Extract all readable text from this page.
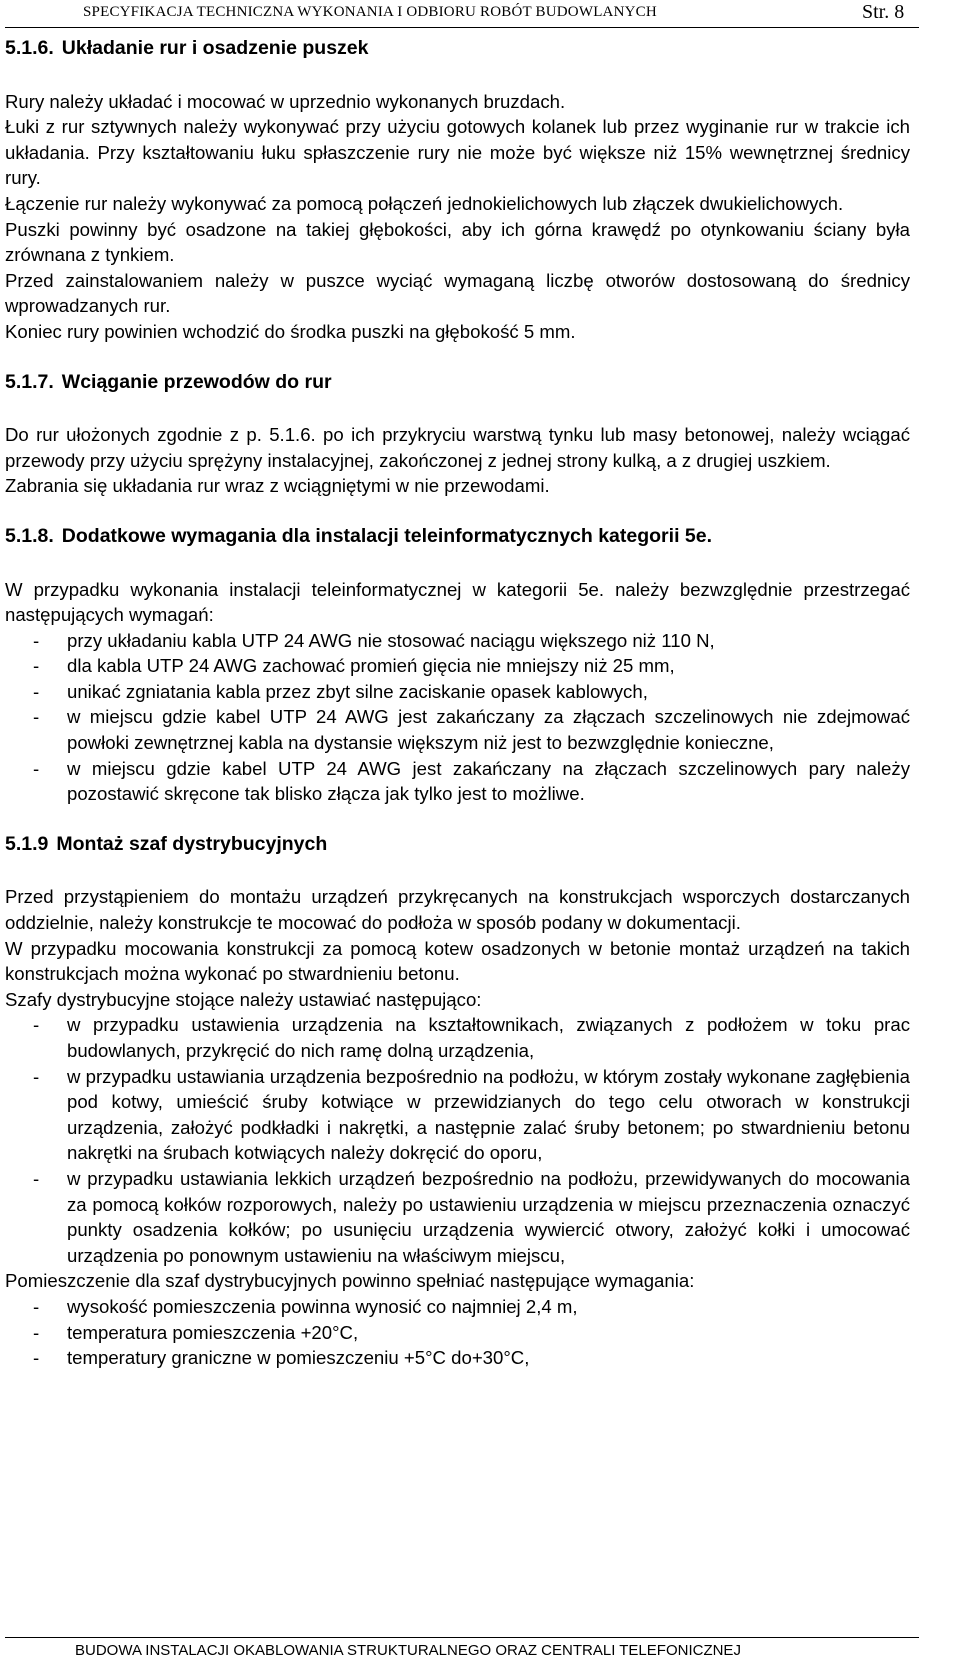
SPECYFIKACJA TECHNICZNA WYKONANIA I ODBIORU ROBÓT BUDOWLANYCH	Str. 8
5.1.6. Układanie rur i osadzenie puszek

Rury należy układać i mocować w uprzednio wykonanych bruzdach.

Łuki z rur sztywnych należy wykonywać przy użyciu gotowych kolanek lub przez wyginanie rur w trakcie ich układania. Przy kształtowaniu łuku spłaszczenie rury nie może być większe niż 15% wewnętrznej średnicy rury.

Łączenie rur należy wykonywać za pomocą połączeń jednokielichowych lub złączek dwukielichowych.

Puszki powinny być osadzone na takiej głębokości, aby ich górna krawędź po otynkowaniu ściany była zrównana z tynkiem.

Przed zainstalowaniem należy w puszce wyciąć wymaganą liczbę otworów dostosowaną do średnicy wprowadzanych rur.

Koniec rury powinien wchodzić do środka puszki na głębokość 5 mm.

5.1.7. Wciąganie przewodów do rur

Do rur ułożonych zgodnie z p. 5.1.6. po ich przykryciu warstwą tynku lub masy betonowej, należy wciągać przewody przy użyciu sprężyny instalacyjnej, zakończonej z jednej strony kulką, a z drugiej uszkiem.

Zabrania się układania rur wraz z wciągniętymi w nie przewodami.

5.1.8. Dodatkowe wymagania dla instalacji teleinformatycznych kategorii 5e.

W przypadku wykonania instalacji teleinformatycznej w kategorii 5e. należy bezwzględnie przestrzegać następujących wymagań:

- przy układaniu kabla UTP 24 AWG nie stosować naciągu większego niż 110 N,
- dla kabla UTP 24 AWG zachować promień gięcia nie mniejszy niż 25 mm,
- unikać zgniatania kabla przez zbyt silne zaciskanie opasek kablowych,
- w miejscu gdzie kabel UTP 24 AWG jest zakańczany za złączach szczelinowych nie zdejmować powłoki zewnętrznej kabla na dystansie większym niż jest to bezwzględnie konieczne,
- w miejscu gdzie kabel UTP 24 AWG jest zakańczany na złączach szczelinowych pary należy pozostawić skręcone tak blisko złącza jak tylko jest to możliwe.
5.1.9 Montaż szaf dystrybucyjnych

Przed przystąpieniem do montażu urządzeń przykręcanych na konstrukcjach wsporczych dostarczanych oddzielnie, należy konstrukcje te mocować do podłoża w sposób podany w dokumentacji.

W przypadku mocowania konstrukcji za pomocą kotew osadzonych w betonie montaż urządzeń na takich konstrukcjach można wykonać po stwardnieniu betonu.

Szafy dystrybucyjne stojące należy ustawiać następująco:

- w przypadku ustawienia urządzenia na kształtownikach, związanych z podłożem w toku prac budowlanych, przykręcić do nich ramę dolną urządzenia,
- w przypadku ustawiania urządzenia bezpośrednio na podłożu, w którym zostały wykonane zagłębienia pod kotwy, umieścić śruby kotwiące w przewidzianych do tego celu otworach w konstrukcji urządzenia, założyć podkładki i nakrętki, a następnie zalać śruby betonem; po stwardnieniu betonu nakrętki na śrubach kotwiących należy dokręcić do oporu,
- w przypadku ustawiania lekkich urządzeń bezpośrednio na podłożu, przewidywanych do mocowania za pomocą kołków rozporowych, należy po ustawieniu urządzenia w miejscu przeznaczenia oznaczyć punkty osadzenia kołków; po usunięciu urządzenia wywiercić otwory, założyć kołki i umocować urządzenia po ponownym ustawieniu na właściwym miejscu,

Pomieszczenie dla szaf dystrybucyjnych powinno spełniać następujące wymagania:

- wysokość pomieszczenia powinna wynosić co najmniej 2,4 m,
- temperatura pomieszczenia +20°C,
- temperatury graniczne w pomieszczeniu +5°C do+30°C,
BUDOWA INSTALACJI OKABLOWANIA STRUKTURALNEGO ORAZ CENTRALI TELEFONICZNEJ
